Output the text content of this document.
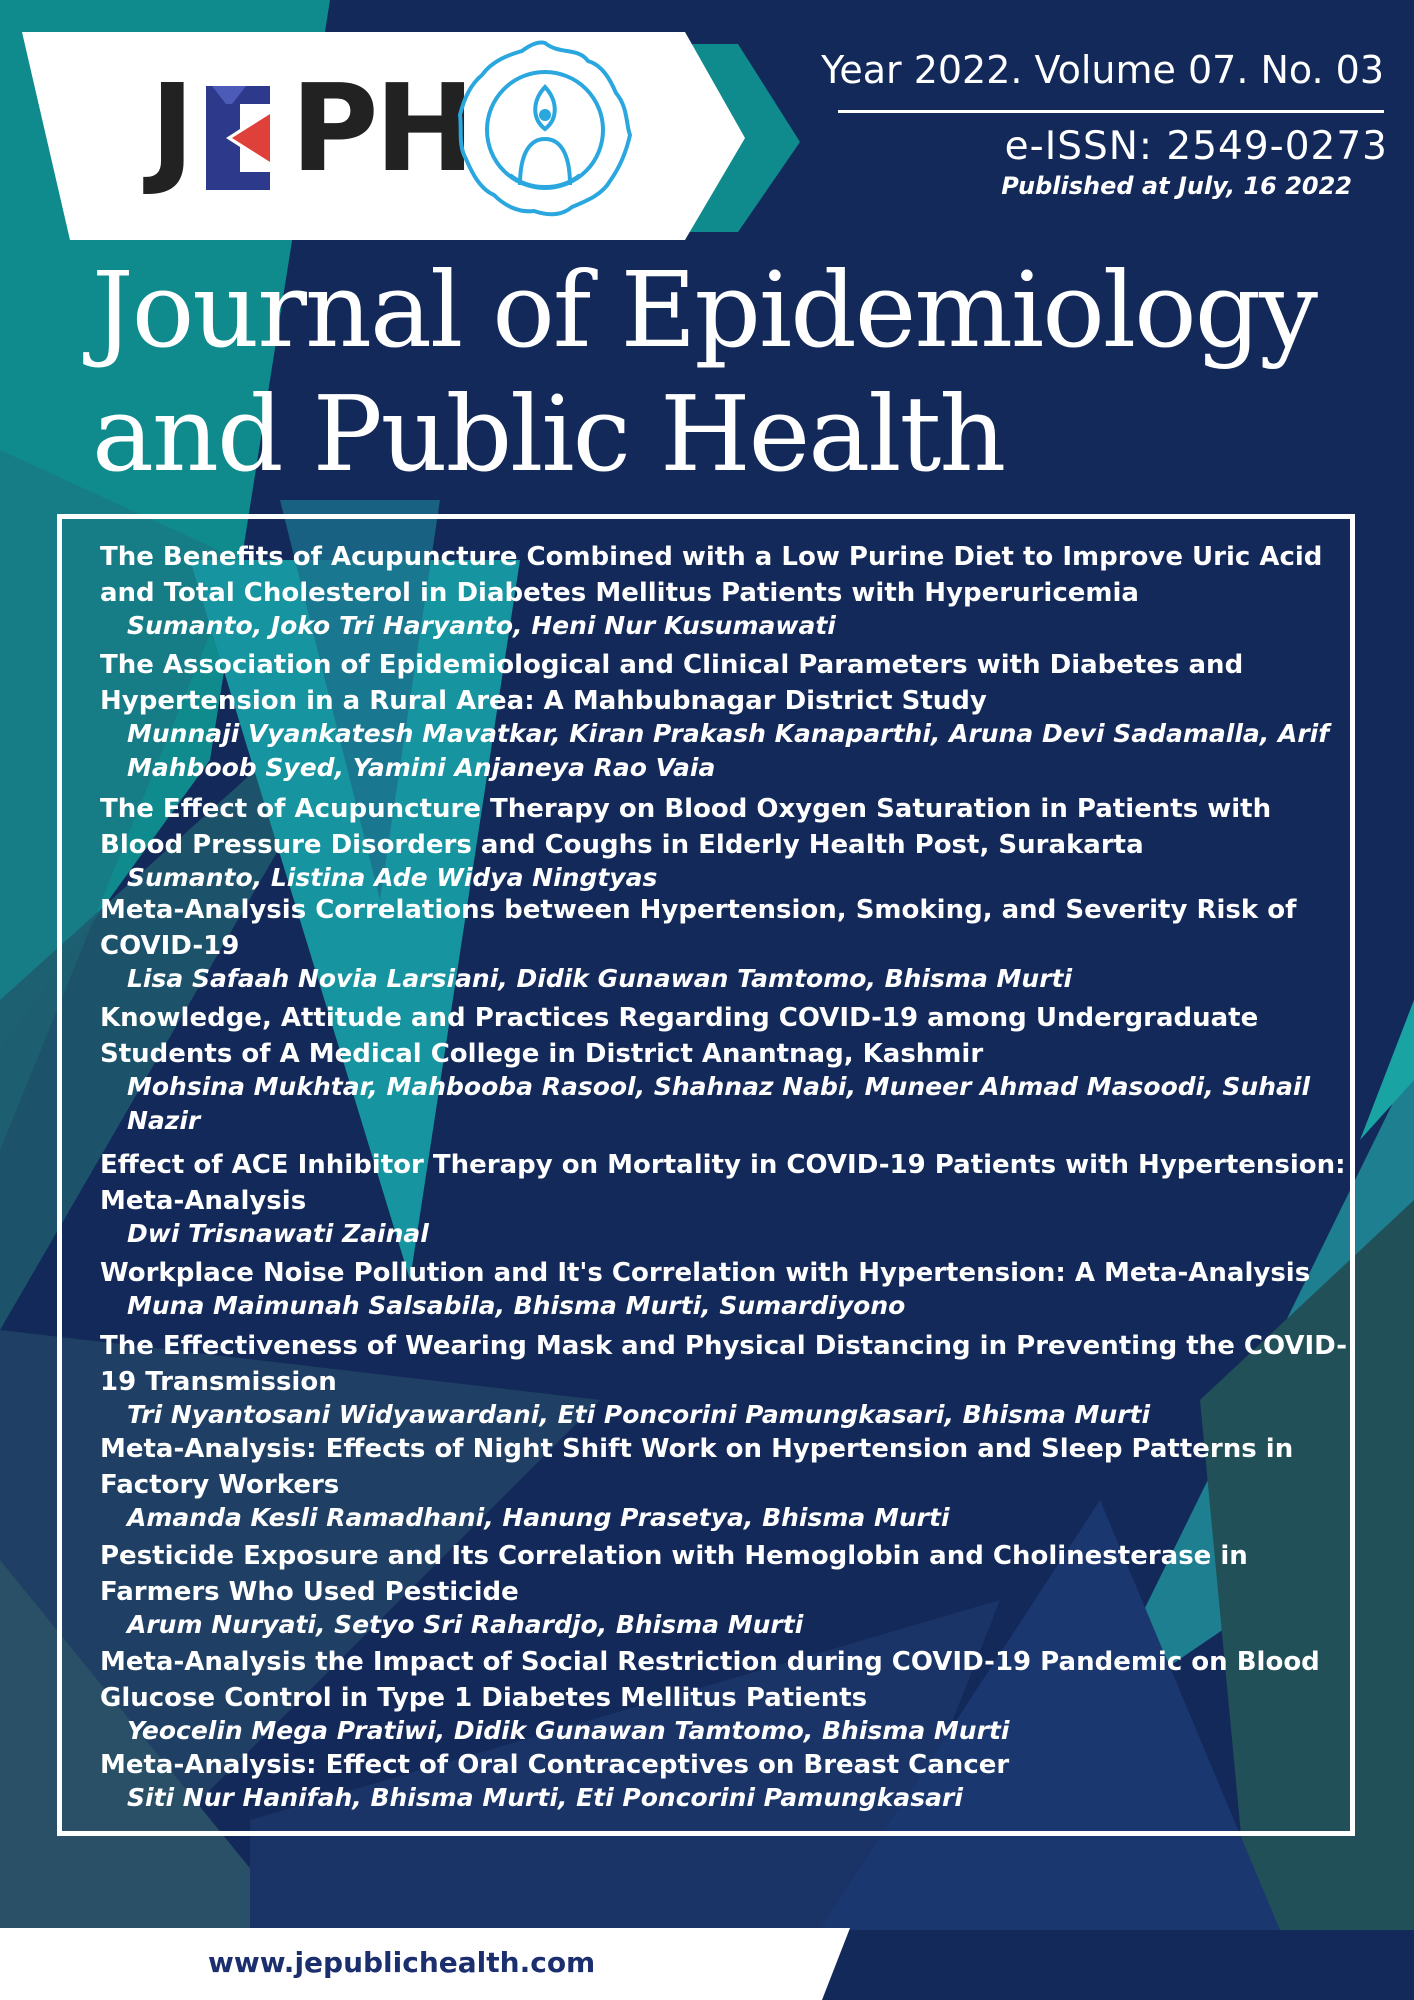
J PH	Year 2022. Volume 07. No. 03
e-ISSN: 2549-0273
Published at July, 16 2022
Journal of Epidemiology
and Public Health
The Benefits of Acupuncture Combined with a Low Purine Diet to Improve Uric Acid and Total Cholesterol in Diabetes Mellitus Patients with Hyperuricemia
Sumanto, Joko Tri Haryanto, Heni Nur Kusumawati
The Association of Epidemiological and Clinical Parameters with Diabetes and Hypertension in a Rural Area: A Mahbubnagar District Study
Munnaji Vyankatesh Mavatkar, Kiran Prakash Kanaparthi, Aruna Devi Sadamalla, Arif Mahboob Syed, Yamini Anjaneya Rao Vaia
The Effect of Acupuncture Therapy on Blood Oxygen Saturation in Patients with Blood Pressure Disorders and Coughs in Elderly Health Post, Surakarta
Sumanto, Listina Ade Widya Ningtyas
Meta-Analysis Correlations between Hypertension, Smoking, and Severity Risk of COVID-19
Lisa Safaah Novia Larsiani, Didik Gunawan Tamtomo, Bhisma Murti
Knowledge, Attitude and Practices Regarding COVID-19 among Undergraduate Students of A Medical College in District Anantnag, Kashmir
Mohsina Mukhtar, Mahbooba Rasool, Shahnaz Nabi, Muneer Ahmad Masoodi, Suhail Nazir
Effect of ACE Inhibitor Therapy on Mortality in COVID-19 Patients with Hypertension: Meta-Analysis
Dwi Trisnawati Zainal
Workplace Noise Pollution and It's Correlation with Hypertension: A Meta-Analysis
Muna Maimunah Salsabila, Bhisma Murti, Sumardiyono
The Effectiveness of Wearing Mask and Physical Distancing in Preventing the COVID-19 Transmission
Tri Nyantosani Widyawardani, Eti Poncorini Pamungkasari, Bhisma Murti
Meta-Analysis: Effects of Night Shift Work on Hypertension and Sleep Patterns in Factory Workers
Amanda Kesli Ramadhani, Hanung Prasetya, Bhisma Murti
Pesticide Exposure and Its Correlation with Hemoglobin and Cholinesterase in Farmers Who Used Pesticide
Arum Nuryati, Setyo Sri Rahardjo, Bhisma Murti
Meta-Analysis the Impact of Social Restriction during COVID-19 Pandemic on Blood Glucose Control in Type 1 Diabetes Mellitus Patients
Yeocelin Mega Pratiwi, Didik Gunawan Tamtomo, Bhisma Murti
Meta-Analysis: Effect of Oral Contraceptives on Breast Cancer
Siti Nur Hanifah, Bhisma Murti, Eti Poncorini Pamungkasari
www.jepublichealth.com
